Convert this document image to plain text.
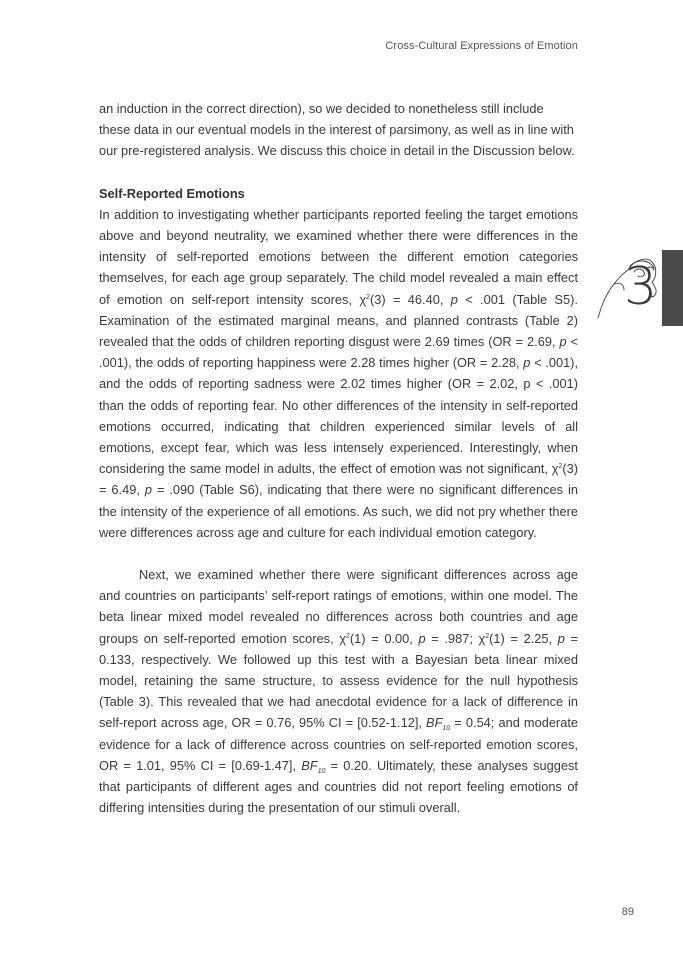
Cross-Cultural Expressions of Emotion

an induction in the correct direction), so we decided to nonetheless still include these data in our eventual models in the interest of parsimony, as well as in line with our pre-registered analysis. We discuss this choice in detail in the Discussion below.

Self-Reported Emotions

In addition to investigating whether participants reported feeling the target emotions above and beyond neutrality, we examined whether there were differences in the intensity of self-reported emotions between the different emotion categories themselves, for each age group separately. The child model revealed a main effect of emotion on self-report intensity scores, $\chi^2(3) = 46.40$, p < .001 (Table S5). Examination of the estimated marginal means, and planned contrasts (Table 2) revealed that the odds of children reporting disgust were 2.69 times (OR = 2.69, p < .001), the odds of reporting happiness were 2.28 times higher (OR = 2.28, p < .001), and the odds of reporting sadness were 2.02 times higher (OR = 2.02, p < .001) than the odds of reporting fear. No other differences of the intensity in self-reported emotions occurred, indicating that children experienced similar levels of all emotions, except fear, which was less intensely experienced. Interestingly, when considering the same model in adults, the effect of emotion was not significant, $\chi^2(3) = 6.49$, p = .090 (Table S6), indicating that there were no significant differences in the intensity of the experience of all emotions. As such, we did not pry whether there were differences across age and culture for each individual emotion category.

Next, we examined whether there were significant differences across age and countries on participants’ self-report ratings of emotions, within one model. The beta linear mixed model revealed no differences across both countries and age groups on self-reported emotion scores, $\chi^2(1) = 0.00$, p = .987; $\chi^2(1) = 2.25$, p = 0.133, respectively. We followed up this test with a Bayesian beta linear mixed model, retaining the same structure, to assess evidence for the null hypothesis (Table 3). This revealed that we had anecdotal evidence for a lack of difference in self-report across age, OR = 0.76, 95% CI = [0.52-1.12], $BF_{10} = 0.54$; and moderate evidence for a lack of difference across countries on self-reported emotion scores, OR = 1.01, 95% CI = [0.69-1.47], $BF_{10} = 0.20$. Ultimately, these analyses suggest that participants of different ages and countries did not report feeling emotions of differing intensities during the presentation of our stimuli overall.

3
89
